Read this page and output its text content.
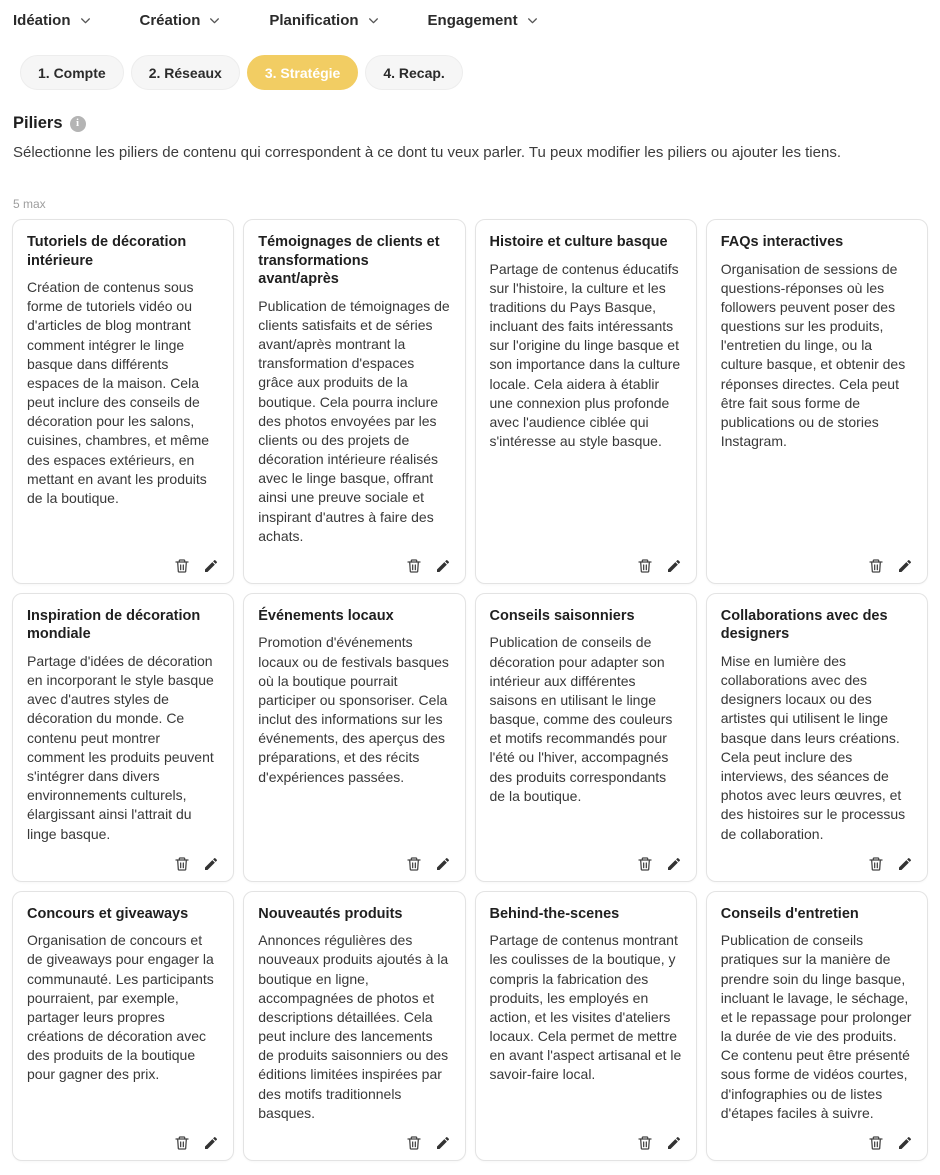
Idéation	Création	Planification	Engagement
1. Compte	2. Réseaux	3. Stratégie	4. Recap.
Piliers	i

Sélectionne les piliers de contenu qui correspondent à ce dont tu veux parler. Tu peux modifier les piliers ou ajouter les tiens.

5 max
Tutoriels de décoration intérieure
Création de contenus sous forme de tutoriels vidéo ou d'articles de blog montrant comment intégrer le linge basque dans différents espaces de la maison. Cela peut inclure des conseils de décoration pour les salons, cuisines, chambres, et même des espaces extérieurs, en mettant en avant les produits de la boutique.
Témoignages de clients et transformations avant/après
Publication de témoignages de clients satisfaits et de séries avant/après montrant la transformation d'espaces grâce aux produits de la boutique. Cela pourra inclure des photos envoyées par les clients ou des projets de décoration intérieure réalisés avec le linge basque, offrant ainsi une preuve sociale et inspirant d'autres à faire des achats.
Histoire et culture basque
Partage de contenus éducatifs sur l'histoire, la culture et les traditions du Pays Basque, incluant des faits intéressants sur l'origine du linge basque et son importance dans la culture locale. Cela aidera à établir une connexion plus profonde avec l'audience ciblée qui s'intéresse au style basque.
FAQs interactives
Organisation de sessions de questions-réponses où les followers peuvent poser des questions sur les produits, l'entretien du linge, ou la culture basque, et obtenir des réponses directes. Cela peut être fait sous forme de publications ou de stories Instagram.
Inspiration de décoration mondiale
Partage d'idées de décoration en incorporant le style basque avec d'autres styles de décoration du monde. Ce contenu peut montrer comment les produits peuvent s'intégrer dans divers environnements culturels, élargissant ainsi l'attrait du linge basque.
Événements locaux
Promotion d'événements locaux ou de festivals basques où la boutique pourrait participer ou sponsoriser. Cela inclut des informations sur les événements, des aperçus des préparations, et des récits d'expériences passées.
Conseils saisonniers
Publication de conseils de décoration pour adapter son intérieur aux différentes saisons en utilisant le linge basque, comme des couleurs et motifs recommandés pour l'été ou l'hiver, accompagnés des produits correspondants de la boutique.
Collaborations avec des designers
Mise en lumière des collaborations avec des designers locaux ou des artistes qui utilisent le linge basque dans leurs créations. Cela peut inclure des interviews, des séances de photos avec leurs œuvres, et des histoires sur le processus de collaboration.
Concours et giveaways
Organisation de concours et de giveaways pour engager la communauté. Les participants pourraient, par exemple, partager leurs propres créations de décoration avec des produits de la boutique pour gagner des prix.
Nouveautés produits
Annonces régulières des nouveaux produits ajoutés à la boutique en ligne, accompagnées de photos et descriptions détaillées. Cela peut inclure des lancements de produits saisonniers ou des éditions limitées inspirées par des motifs traditionnels basques.
Behind-the-scenes
Partage de contenus montrant les coulisses de la boutique, y compris la fabrication des produits, les employés en action, et les visites d'ateliers locaux. Cela permet de mettre en avant l'aspect artisanal et le savoir-faire local.
Conseils d'entretien
Publication de conseils pratiques sur la manière de prendre soin du linge basque, incluant le lavage, le séchage, et le repassage pour prolonger la durée de vie des produits. Ce contenu peut être présenté sous forme de vidéos courtes, d'infographies ou de listes d'étapes faciles à suivre.
